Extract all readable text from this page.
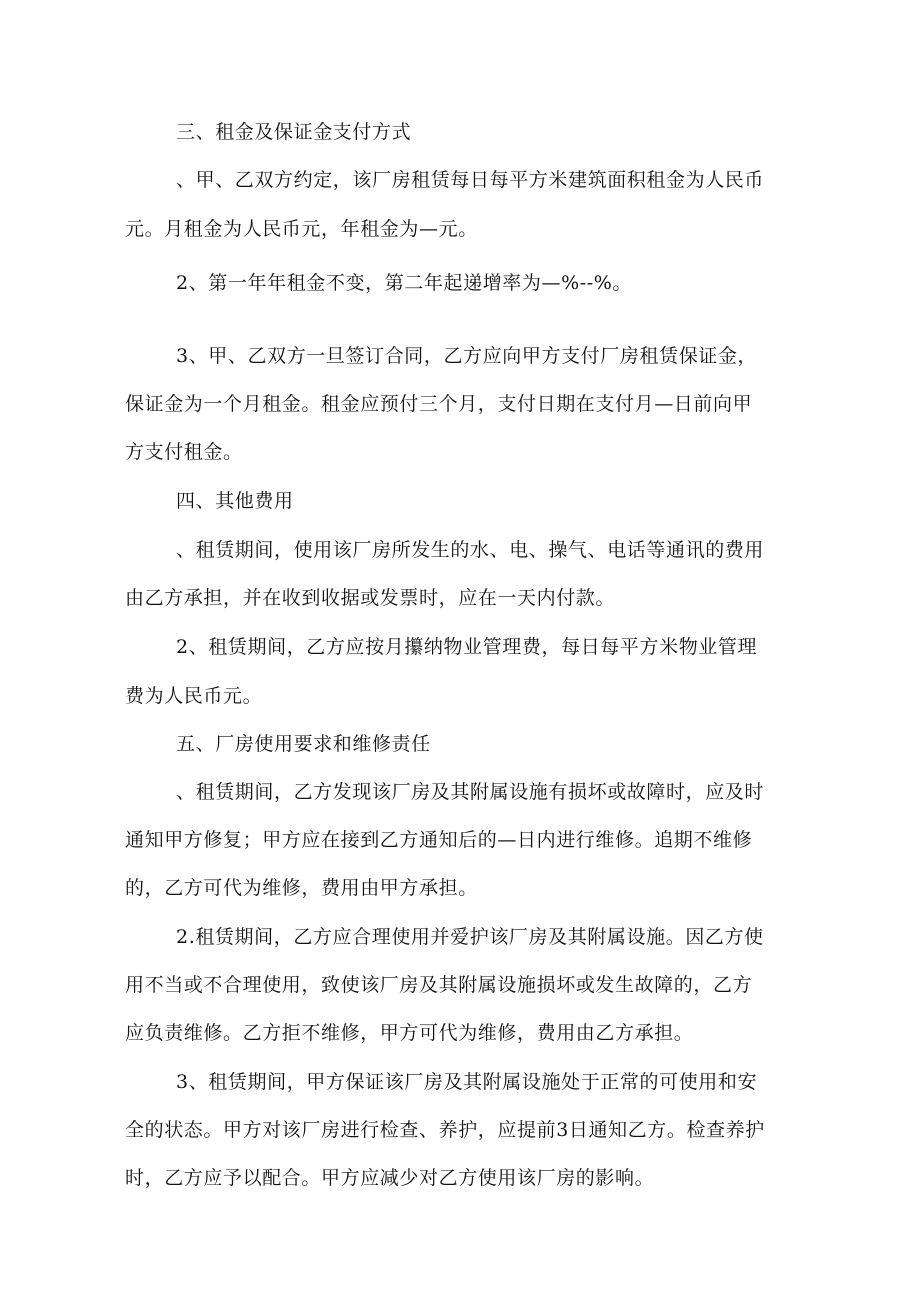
三、租金及保证金支付方式
、甲、乙双方约定，该厂房租赁每日每平方米建筑面积租金为人民币
元。月租金为人民币元，年租金为—元。
2、第一年年租金不变，第二年起递增率为—%--%。
3、甲、乙双方一旦签订合同，乙方应向甲方支付厂房租赁保证金，
保证金为一个月租金。租金应预付三个月，支付日期在支付月—日前向甲
方支付租金。
四、其他费用
、租赁期间，使用该厂房所发生的水、电、操气、电话等通讯的费用
由乙方承担，并在收到收据或发票时，应在一天内付款。
2、租赁期间，乙方应按月攥纳物业管理费，每日每平方米物业管理
费为人民币元。
五、厂房使用要求和维修责任
、租赁期间，乙方发现该厂房及其附属设施有损坏或故障时，应及时
通知甲方修复；甲方应在接到乙方通知后的—日内进行维修。追期不维修
的，乙方可代为维修，费用由甲方承担。
2.租赁期间，乙方应合理使用并爱护该厂房及其附属设施。因乙方使
用不当或不合理使用，致使该厂房及其附属设施损坏或发生故障的，乙方
应负责维修。乙方拒不维修，甲方可代为维修，费用由乙方承担。
3、租赁期间，甲方保证该厂房及其附属设施处于正常的可使用和安
全的状态。甲方对该厂房进行检查、养护，应提前3日通知乙方。检查养护
时，乙方应予以配合。甲方应减少对乙方使用该厂房的影响。
